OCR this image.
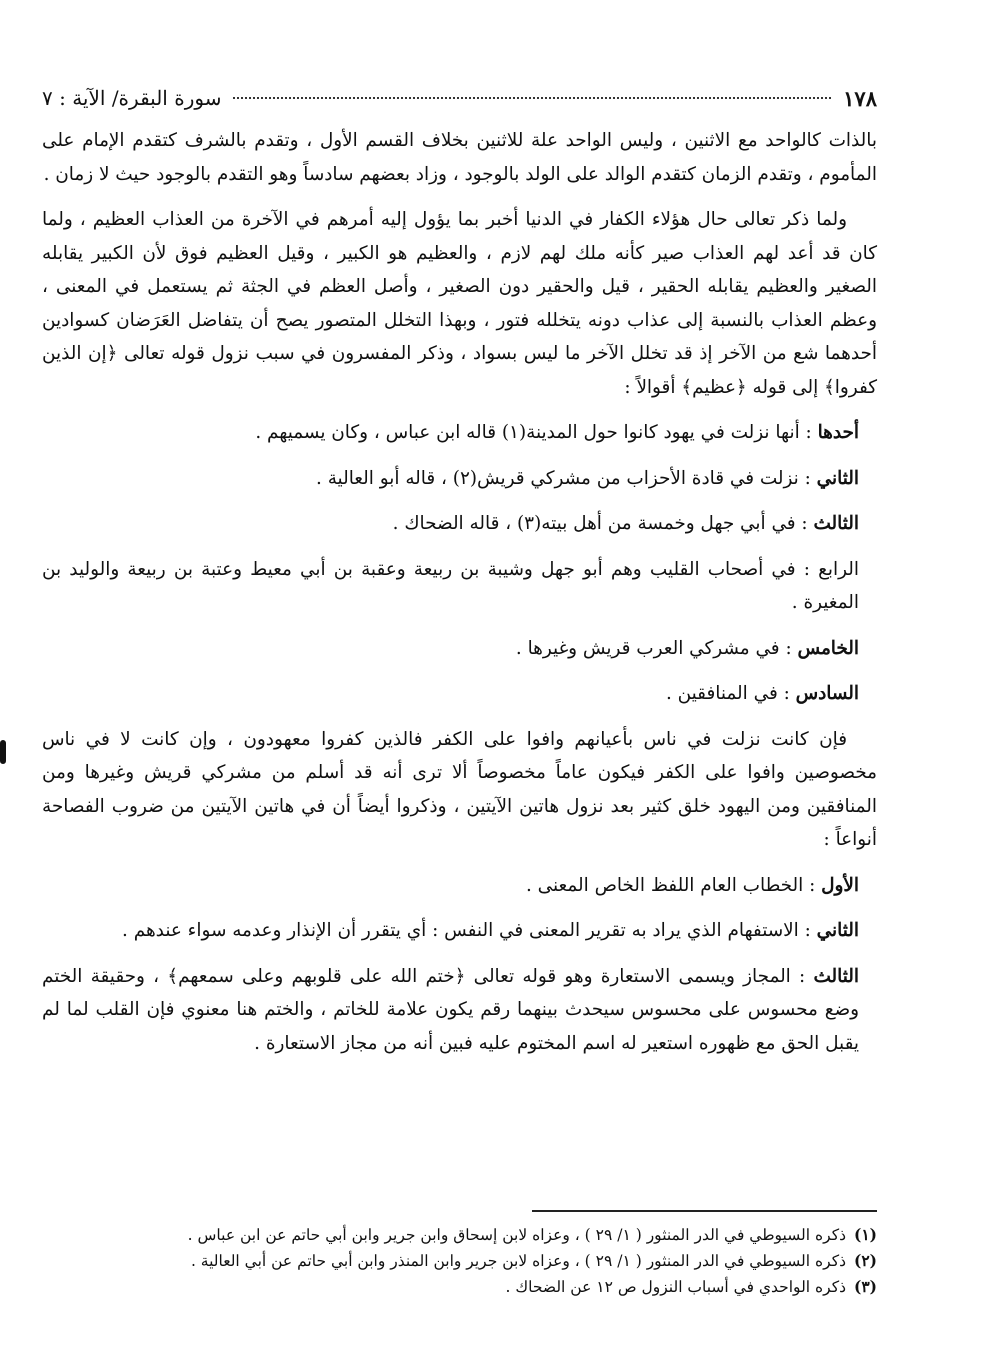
١٧٨
سورة البقرة/ الآية : ٧

بالذات كالواحد مع الاثنين ، وليس الواحد علة للاثنين بخلاف القسم الأول ، وتقدم بالشرف كتقدم الإمام على المأموم ، وتقدم الزمان كتقدم الوالد على الولد بالوجود ، وزاد بعضهم سادساً وهو التقدم بالوجود حيث لا زمان .

ولما ذكر تعالى حال هؤلاء الكفار في الدنيا أخبر بما يؤول إليه أمرهم في الآخرة من العذاب العظيم ، ولما كان قد أعد لهم العذاب صير كأنه ملك لهم لازم ، والعظيم هو الكبير ، وقيل العظيم فوق لأن الكبير يقابله الصغير والعظيم يقابله الحقير ، قيل والحقير دون الصغير ، وأصل العظم في الجثة ثم يستعمل في المعنى ، وعظم العذاب بالنسبة إلى عذاب دونه يتخلله فتور ، وبهذا التخلل المتصور يصح أن يتفاضل العَرَضان كسوادين أحدهما شع من الآخر إذ قد تخلل الآخر ما ليس بسواد ، وذكر المفسرون في سبب نزول قوله تعالى ﴿إن الذين كفروا﴾ إلى قوله ﴿عظيم﴾ أقوالاً :

أحدها : أنها نزلت في يهود كانوا حول المدينة(١) قاله ابن عباس ، وكان يسميهم .

الثاني : نزلت في قادة الأحزاب من مشركي قريش(٢) ، قاله أبو العالية .

الثالث : في أبي جهل وخمسة من أهل بيته(٣) ، قاله الضحاك .

الرابع : في أصحاب القليب وهم أبو جهل وشيبة بن ربيعة وعقبة بن أبي معيط وعتبة بن ربيعة والوليد بن المغيرة .

الخامس : في مشركي العرب قريش وغيرها .

السادس : في المنافقين .

فإن كانت نزلت في ناس بأعيانهم وافوا على الكفر فالذين كفروا معهودون ، وإن كانت لا في ناس مخصوصين وافوا على الكفر فيكون عاماً مخصوصاً ألا ترى أنه قد أسلم من مشركي قريش وغيرها ومن المنافقين ومن اليهود خلق كثير بعد نزول هاتين الآيتين ، وذكروا أيضاً أن في هاتين الآيتين من ضروب الفصاحة أنواعاً :

الأول : الخطاب العام اللفظ الخاص المعنى .

الثاني : الاستفهام الذي يراد به تقرير المعنى في النفس : أي يتقرر أن الإنذار وعدمه سواء عندهم .

الثالث : المجاز ويسمى الاستعارة وهو قوله تعالى ﴿ختم الله على قلوبهم وعلى سمعهم﴾ ، وحقيقة الختم وضع محسوس على محسوس سيحدث بينهما رقم يكون علامة للخاتم ، والختم هنا معنوي فإن القلب لما لم يقبل الحق مع ظهوره استعير له اسم المختوم عليه فبين أنه من مجاز الاستعارة .

(١)ذكره السيوطي في الدر المنثور ( ١/ ٢٩ ) ، وعزاه لابن إسحاق وابن جرير وابن أبي حاتم عن ابن عباس .
(٢)ذكره السيوطي في الدر المنثور ( ١/ ٢٩ ) ، وعزاه لابن جرير وابن المنذر وابن أبي حاتم عن أبي العالية .
(٣)ذكره الواحدي في أسباب النزول ص ١٢ عن الضحاك .
